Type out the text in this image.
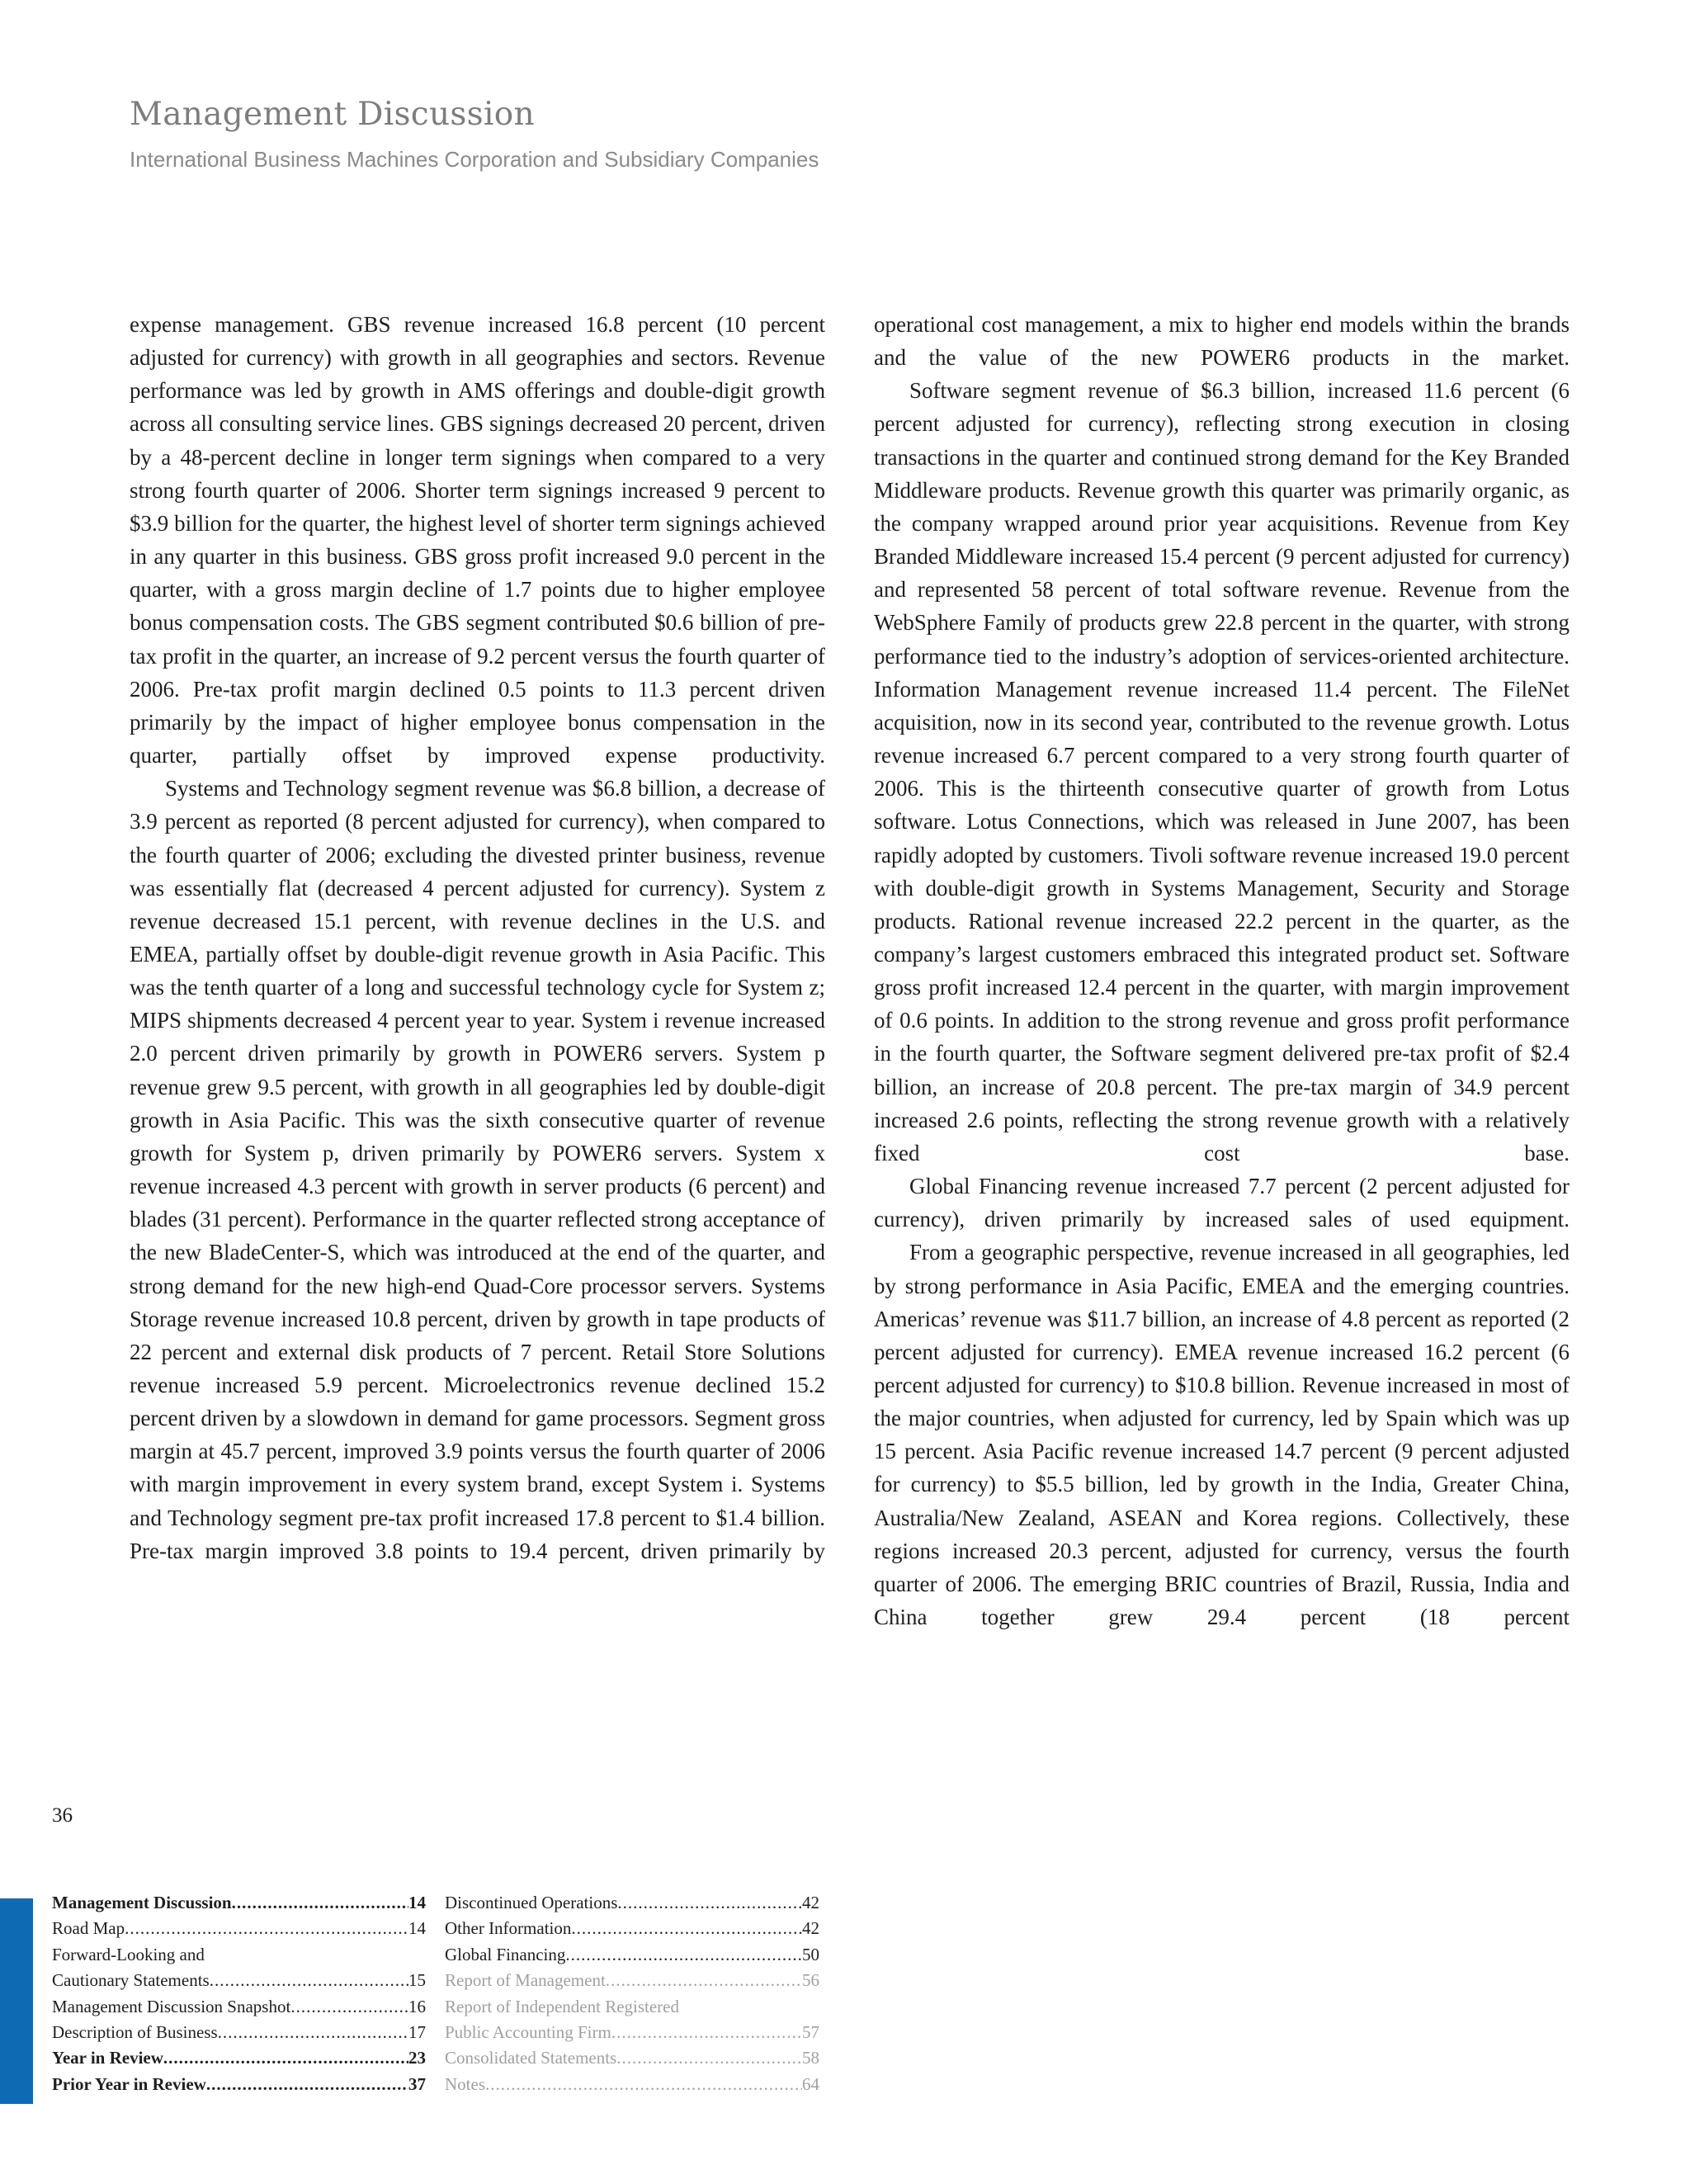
Management Discussion
International Business Machines Corporation and Subsidiary Companies

expense management. GBS revenue increased 16.8 percent (10 percent adjusted for currency) with growth in all geographies and sectors. Revenue performance was led by growth in AMS offerings and double-digit growth across all consulting service lines. GBS signings decreased 20 percent, driven by a 48-percent decline in longer term signings when compared to a very strong fourth quarter of 2006. Shorter term signings increased 9 percent to $3.9 billion for the quarter, the highest level of shorter term signings achieved in any quarter in this business. GBS gross profit increased 9.0 percent in the quarter, with a gross margin decline of 1.7 points due to higher employee bonus compensation costs. The GBS segment contributed $0.6 billion of pre-tax profit in the quarter, an increase of 9.2 percent versus the fourth quarter of 2006. Pre-tax profit margin declined 0.5 points to 11.3 percent driven primarily by the impact of higher employee bonus compensation in the quarter, partially offset by improved expense productivity.

Systems and Technology segment revenue was $6.8 billion, a decrease of 3.9 percent as reported (8 percent adjusted for currency), when compared to the fourth quarter of 2006; excluding the divested printer business, revenue was essentially flat (decreased 4 percent adjusted for currency). System z revenue decreased 15.1 percent, with revenue declines in the U.S. and EMEA, partially offset by double-digit revenue growth in Asia Pacific. This was the tenth quarter of a long and successful technology cycle for System z; MIPS shipments decreased 4 percent year to year. System i revenue increased 2.0 percent driven primarily by growth in POWER6 servers. System p revenue grew 9.5 percent, with growth in all geographies led by double-digit growth in Asia Pacific. This was the sixth consecutive quarter of revenue growth for System p, driven primarily by POWER6 servers. System x revenue increased 4.3 percent with growth in server products (6 percent) and blades (31 percent). Performance in the quarter reflected strong acceptance of the new BladeCenter-S, which was introduced at the end of the quarter, and strong demand for the new high-end Quad-Core processor servers. Systems Storage revenue increased 10.8 percent, driven by growth in tape products of 22 percent and external disk products of 7 percent. Retail Store Solutions revenue increased 5.9 percent. Microelectronics revenue declined 15.2 percent driven by a slowdown in demand for game processors. Segment gross margin at 45.7 percent, improved 3.9 points versus the fourth quarter of 2006 with margin improvement in every system brand, except System i. Systems and Technology segment pre-tax profit increased 17.8 percent to $1.4 billion. Pre-tax margin improved 3.8 points to 19.4 percent, driven primarily by

operational cost management, a mix to higher end models within the brands and the value of the new POWER6 products in the market.

Software segment revenue of $6.3 billion, increased 11.6 percent (6 percent adjusted for currency), reflecting strong execution in closing transactions in the quarter and continued strong demand for the Key Branded Middleware products. Revenue growth this quarter was primarily organic, as the company wrapped around prior year acquisitions. Revenue from Key Branded Middleware increased 15.4 percent (9 percent adjusted for currency) and represented 58 percent of total software revenue. Revenue from the WebSphere Family of products grew 22.8 percent in the quarter, with strong performance tied to the industry’s adoption of services-oriented architecture. Information Management revenue increased 11.4 percent. The FileNet acquisition, now in its second year, contributed to the revenue growth. Lotus revenue increased 6.7 percent compared to a very strong fourth quarter of 2006. This is the thirteenth consecutive quarter of growth from Lotus software. Lotus Connections, which was released in June 2007, has been rapidly adopted by customers. Tivoli software revenue increased 19.0 percent with double-digit growth in Systems Management, Security and Storage products. Rational revenue increased 22.2 percent in the quarter, as the company’s largest customers embraced this integrated product set. Software gross profit increased 12.4 percent in the quarter, with margin improvement of 0.6 points. In addition to the strong revenue and gross profit performance in the fourth quarter, the Software segment delivered pre-tax profit of $2.4 billion, an increase of 20.8 percent. The pre-tax margin of 34.9 percent increased 2.6 points, reflecting the strong revenue growth with a relatively fixed cost base.

Global Financing revenue increased 7.7 percent (2 percent adjusted for currency), driven primarily by increased sales of used equipment.

From a geographic perspective, revenue increased in all geographies, led by strong performance in Asia Pacific, EMEA and the emerging countries. Americas’ revenue was $11.7 billion, an increase of 4.8 percent as reported (2 percent adjusted for currency). EMEA revenue increased 16.2 percent (6 percent adjusted for currency) to $10.8 billion. Revenue increased in most of the major countries, when adjusted for currency, led by Spain which was up 15 percent. Asia Pacific revenue increased 14.7 percent (9 percent adjusted for currency) to $5.5 billion, led by growth in the India, Greater China, Australia/New Zealand, ASEAN and Korea regions. Collectively, these regions increased 20.3 percent, adjusted for currency, versus the fourth quarter of 2006. The emerging BRIC countries of Brazil, Russia, India and China together grew 29.4 percent (18 percent

36
Management Discussion .....	14
Road Map .....	14
Forward-Looking and
Cautionary Statements .....	15
Management Discussion Snapshot .....	16
Description of Business .....	17
Year in Review .....	23
Prior Year in Review .....	37
Discontinued Operations .....	42
Other Information .....	42
Global Financing .....	50
Report of Management .....	56
Report of Independent Registered
Public Accounting Firm .....	57
Consolidated Statements .....	58
Notes .....	64
